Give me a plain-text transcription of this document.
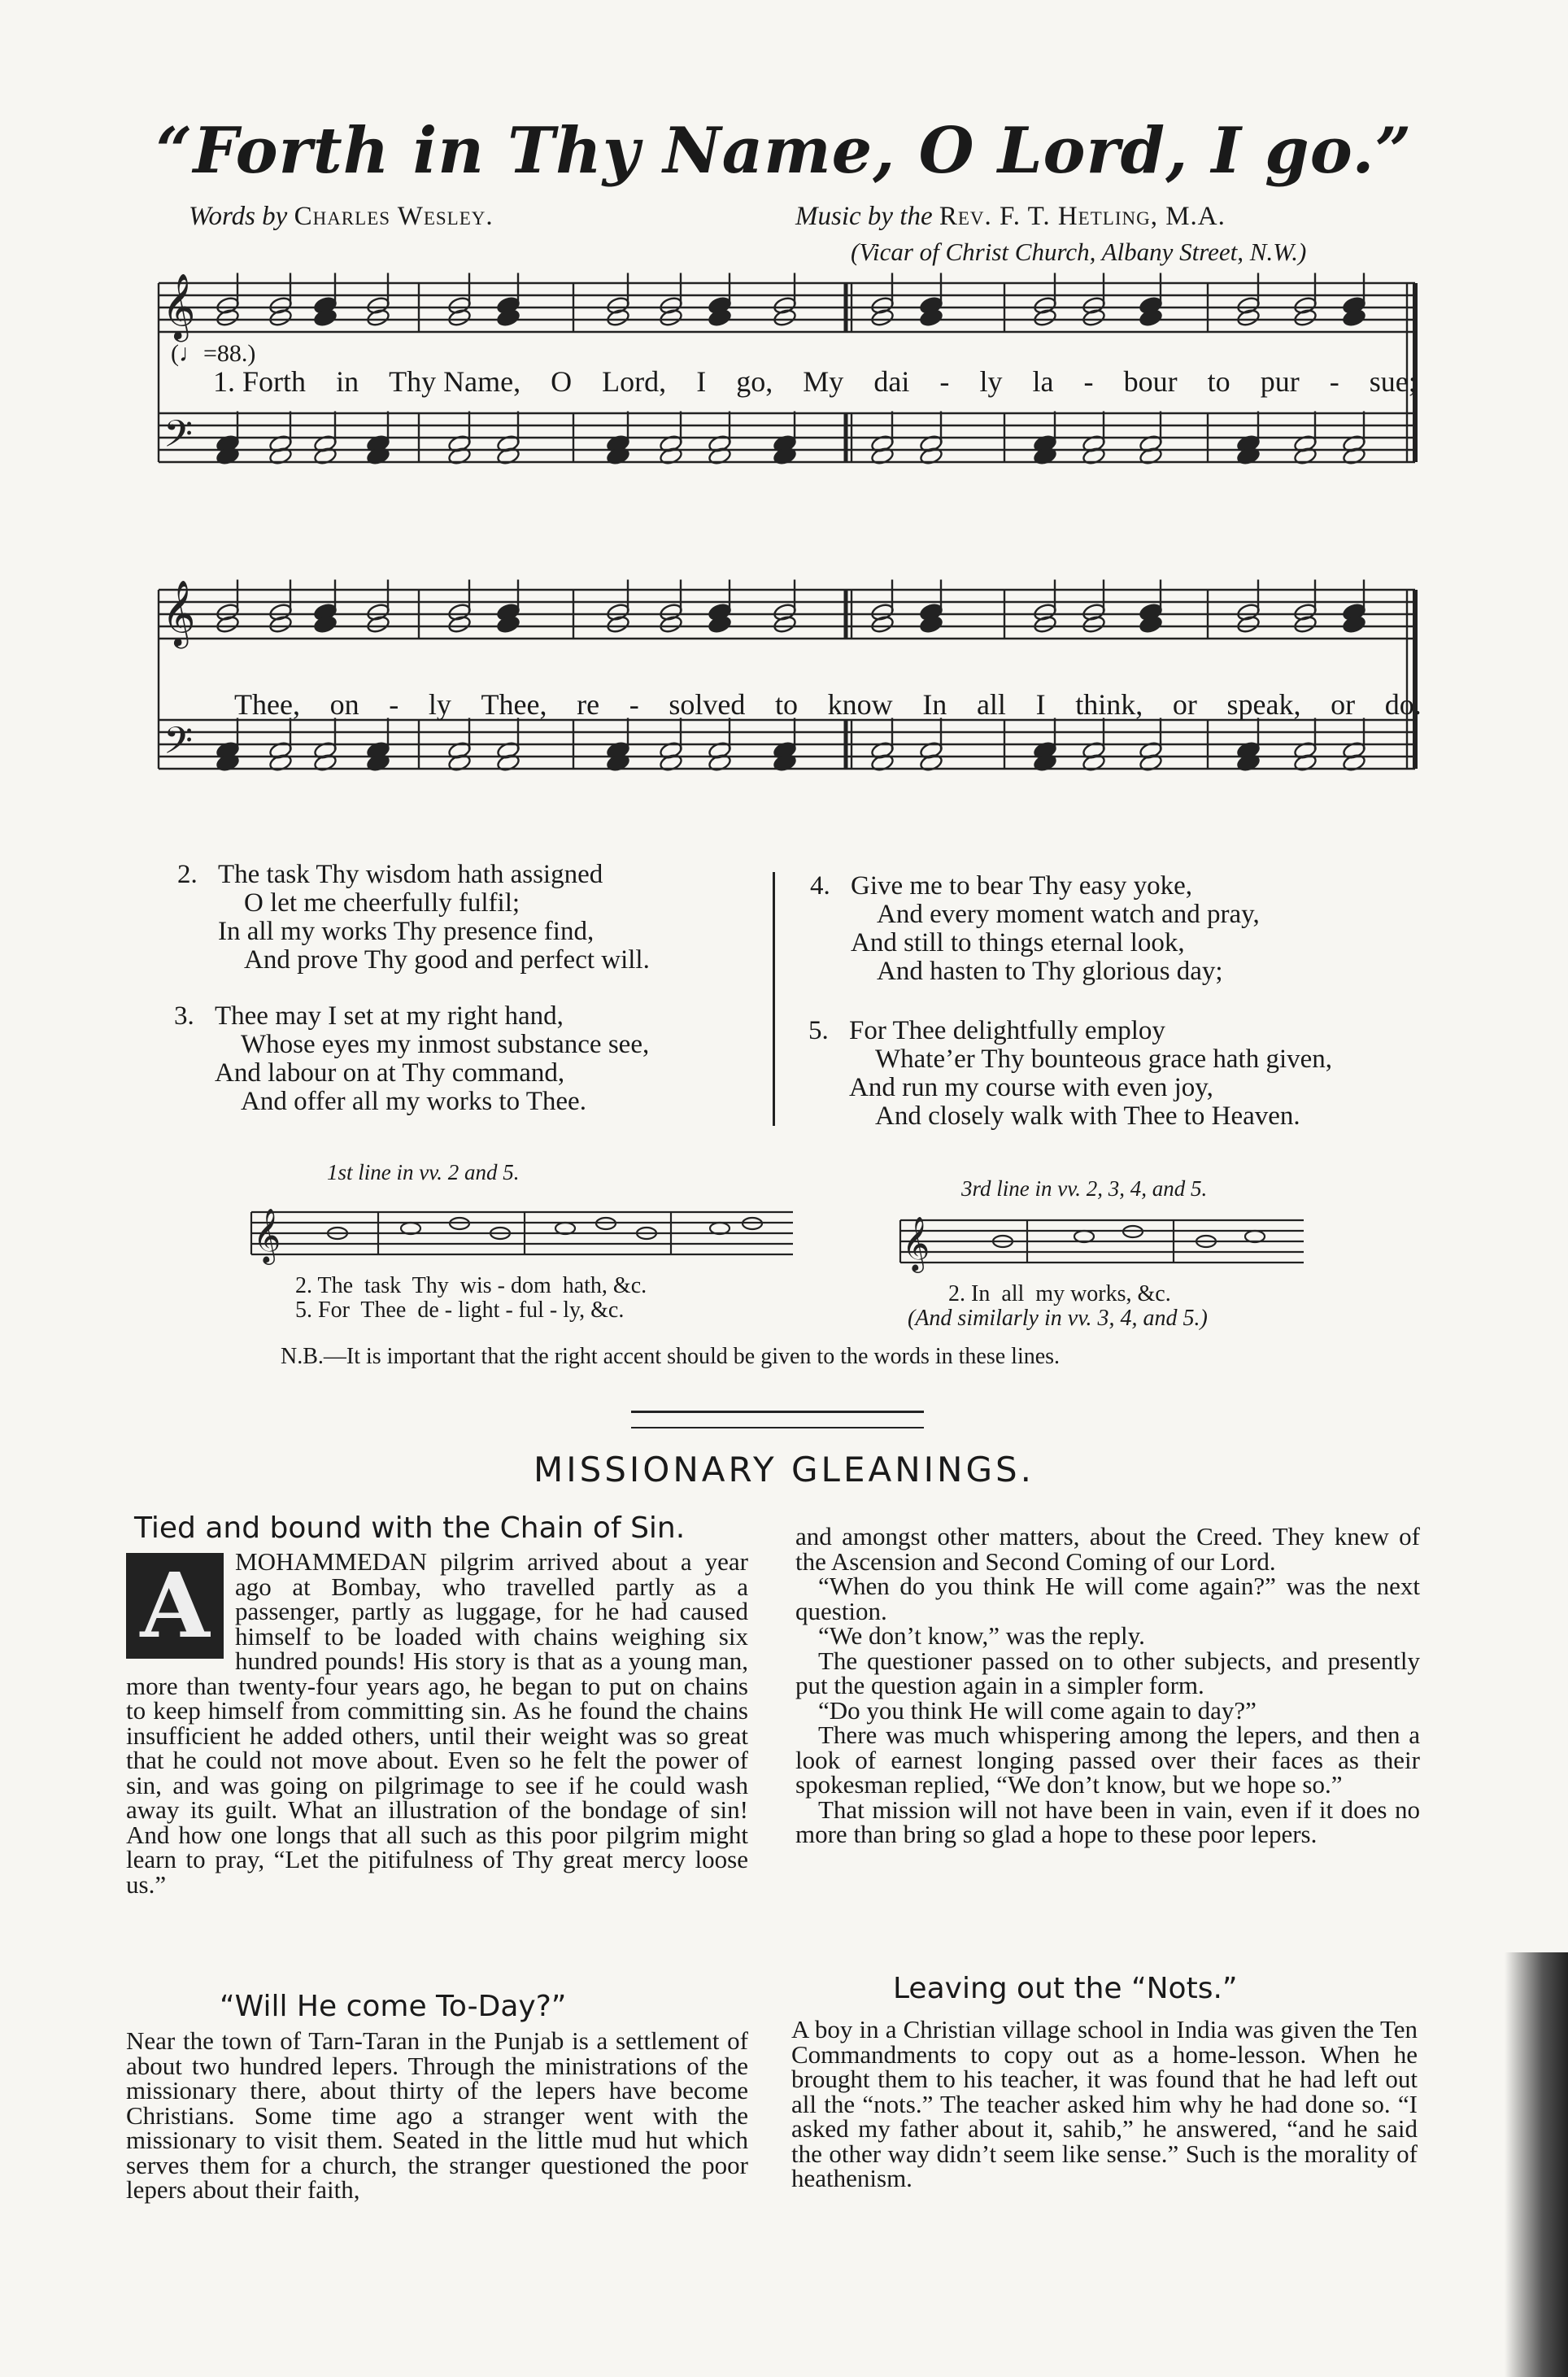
“Forth in Thy Name, O Lord, I go.”
Words by Charles Wesley.	Music by the Rev. F. T. Hetling, M.A.
(Vicar of Christ Church, Albany Street, N.W.)
𝄞
𝄢
(♩=88.)
1. Forth in Thy Name, O Lord, I go, My dai - ly la - bour to pur - sue;
𝄞
𝄢
Thee, on - ly Thee, re - solved to know In all I think, or speak, or do.
2. The task Thy wisdom hath assigned
O let me cheerfully fulfil;
In all my works Thy presence find,
And prove Thy good and perfect will.
3. Thee may I set at my right hand,
Whose eyes my inmost substance see,
And labour on at Thy command,
And offer all my works to Thee.
4. Give me to bear Thy easy yoke,
And every moment watch and pray,
And still to things eternal look,
And hasten to Thy glorious day;
5. For Thee delightfully employ
Whate’er Thy bounteous grace hath given,
And run my course with even joy,
And closely walk with Thee to Heaven.
1st line in vv. 2 and 5.
𝄞
2. The  task  Thy  wis - dom  hath, &c.
5. For  Thee  de - light - ful - ly, &c.
3rd line in vv. 2, 3, 4, and 5.
𝄞
2. In  all  my works, &c.
(And similarly in vv. 3, 4, and 5.)
N.B.—It is important that the right accent should be given to the words in these lines.
MISSIONARY GLEANINGS.
Tied and bound with the Chain of Sin.
A	MOHAMMEDAN pilgrim arrived about a year ago at Bombay, who travelled partly as a passenger, partly as luggage, for he had caused himself to be loaded with chains weighing six hundred pounds! His story is that as a young man, more than twenty-four years ago, he began to put on chains to keep himself from committing sin. As he found the chains insufficient he added others, until their weight was so great that he could not move about. Even so he felt the power of sin, and was going on pilgrimage to see if he could wash away its guilt. What an illustration of the bondage of sin! And how one longs that all such as this poor pilgrim might learn to pray, “Let the pitifulness of Thy great mercy loose us.”

“Will He come To-Day?”

Near the town of Tarn-Taran in the Punjab is a settlement of about two hundred lepers. Through the ministrations of the missionary there, about thirty of the lepers have become Christians. Some time ago a stranger went with the missionary to visit them. Seated in the little mud hut which serves them for a church, the stranger questioned the poor lepers about their faith,

and amongst other matters, about the Creed. They knew of the Ascension and Second Coming of our Lord.

“When do you think He will come again?” was the next question.

“We don’t know,” was the reply.

The questioner passed on to other subjects, and presently put the question again in a simpler form.

“Do you think He will come again to day?”

There was much whispering among the lepers, and then a look of earnest longing passed over their faces as their spokesman replied, “We don’t know, but we hope so.”

That mission will not have been in vain, even if it does no more than bring so glad a hope to these poor lepers.

Leaving out the “Nots.”

A boy in a Christian village school in India was given the Ten Commandments to copy out as a home-lesson. When he brought them to his teacher, it was found that he had left out all the “nots.” The teacher asked him why he had done so. “I asked my father about it, sahib,” he answered, “and he said the other way didn’t seem like sense.” Such is the morality of heathenism.
